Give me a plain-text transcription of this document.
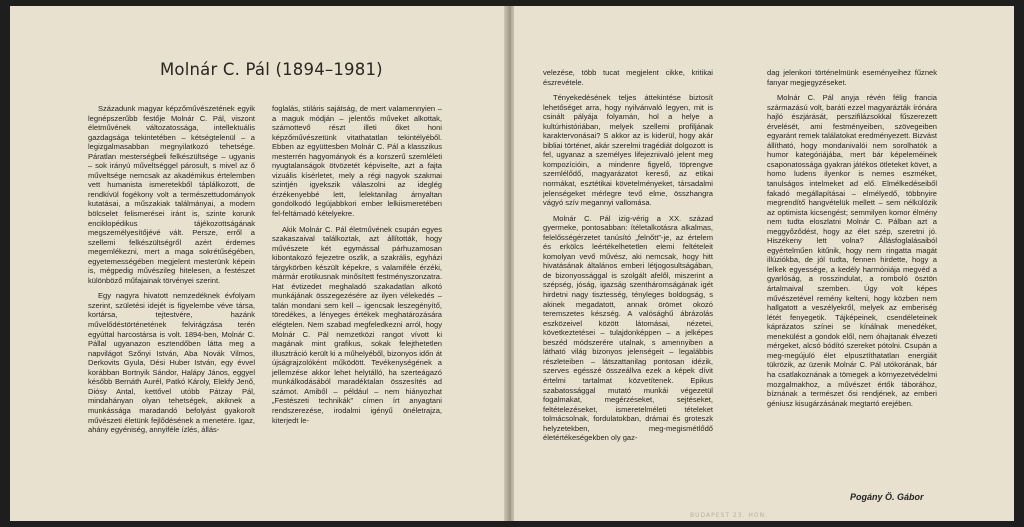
Molnár C. Pál (1894–1981)

Századunk magyar képzőművészetének egyik legnépszerűbb festője Molnár C. Pál, viszont életművének változatossága, intellektuális gazdagsága tekintetében – kétségtelenül – a legizgalmasabban megnyilatkozó tehetsége. Páratlan mesterségbeli felkészültsége – ugyanis – sok irányú műveltséggel párosult, s mivel az ő műveltsége nemcsak az akadémikus értelemben vett humanista ismeretekből táplálkozott, de rendkívül fogékony volt a természettudományok kutatásai, a műszakiak találmányai, a modern bölcselet felismerései iránt is, szinte korunk enciklopédikus tájékozottságának megszemélyesítőjévé vált. Persze, erről a szellemi felkészültségről azért érdemes megemlékezni, mert a maga sokrétűségében, egyetemességében megjelent mesterünk képein is, mégpedig művészileg hitelesen, a festészet különböző műfajainak törvényei szerint.

Egy nagyra hivatott nemzedéknek évfolyam szerint, születési idejét is figyelembe véve társa, kortársa, tejtestvére, hazánk művelődéstörténetének felvirágzása terén egyúttal harcostársa is volt. 1894-ben, Molnár C. Pállal ugyanazon esztendőben látta meg a napvilágot Szőnyi István, Aba Novák Vilmos, Derkovits Gyula, Dési Huber István, egy évvel korábban Bortnyik Sándor, Halápy János, eggyel később Bernáth Aurél, Patkó Károly, Elekfy Jenő, Diósy Antal, kettővel utóbb Pátzay Pál, mindahányan olyan tehetségek, akiknek a munkássága maradandó befolyást gyakorolt művészeti életünk fejlődésének a menetére. Igaz, ahány egyéniség, annyiféle ízlés, állás-

foglalás, stiláris sajátság, de mert valamennyien – a maguk módján – jelentős műveket alkottak, számottevő részt illeti őket honi képzőművészetünk vitathatatlan tekintélyéből. Ebben az együttesben Molnár C. Pál a klasszikus mesterrén hagyományok és a korszerű szemléleti nyugtalanságok ötvözetét képviselte, azt a fajta vizuális kísérletet, mely a régi nagyok szakmai szintjén igyekszik válaszolni az ideglég érzékenyebbé lett, lelektanilag árnyaltan gondolkodó legújabbkori ember lelkiismeretében fel-feltámadó kételyekre.

Akik Molnár C. Pál életművének csupán egyes szakaszaival találkoztak, azt állították, hogy művészete két egymással párhuzamosan kibontakozó fejezetre oszlik, a szakrális, egyházi tárgykörben készült képekre, s valamiféle érzéki, mármár erotikusnak minősített festményszonzatra. Hat évtizedet meghaladó szakadatlan alkotó munkájának összegezésére az ilyen vélekedés – talán mondani sem kell – igencsak leszegényítő, töredékes, a lényeges értékek meghatározására elégtelen. Nem szabad megfeledkezni arról, hogy Molnár C. Pál nemzetközi rangot vívott ki magának mint grafikus, sokak felejthetetlen illusztráció került ki a műhelyéből, bizonyos időn át újságrajzolóként működött. Tevékenységének a jellemzése akkor lehet helytálló, ha szerteágazó munkálkodásából maradéktalan összesítés ad számot. Amiből – például – nem hiányozhat „Festészeti technikák” címen írt anyagtani rendszerezése, irodalmi igényű önéletrajza, kiterjedt le-

velezése, több tucat megjelent cikke, kritikai észrevétele.

Tényekedésének teljes áttekintése biztosít lehetőséget arra, hogy nyilvánvaló legyen, mit is csinált pályája folyamán, hol a helye a kultúrhistóriában, melyek szellemi profiljának karaktervonásai? S akkor az is kiderül, hogy akár bibliai történet, akár szerelmi tragédiát dolgozott is fel, ugyanaz a személyes lifejeznivaló jelent meg kompozícióin, a mindenre figyelő, töprengve szemlélődő, magyarázatot kereső, az etikai normákat, esztétikai követelményeket, társadalmi jelenségeket mérlegre tevő elme, összhangra vágyó szív megannyi vallomása.

Molnár C. Pál izig-vérig a XX. század gyermeke, pontosabban: ítéletalkotásra alkalmas, felelősségérzetet tanúsító „felnőtt”-je, az értelem és erkölcs leértékelhetetlen elemi feltételeit komolyan vevő művész, aki nemcsak, hogy hitt hivatásának általános emberi létjogosultságában, de bizonyossággal is szolgált afelől, miszerint a szépség, jóság, igazság szentháromságának igét hirdetni nagy tisztesség, tényleges boldogság, s akinek megadatott, annak örömet okozó teremszetes készség. A valósághű ábrázolás eszközeivel között látomásai, nézetei, következtetései – tulajdonképpen – a jelképes beszéd módszerére utalnak, s amennyiben a látható világ bizonyos jelenségeit – legalábbis részleteiben – látszattanilag pontosan idézik, szerves egésszé összeállva ezek a képek dívit értelmi tartalmat közvetítenek. Epikus szabatossággal mutató munkái végezetül fogalmakat, megérzéseket, sejtéseket, feltételezéseket, ismeretelméleti tételeket tolmácsolnak, fordulatokban, drámai és groteszk helyzetekben, meg-megismétlődő életértékeségekben oly gaz-

dag jelenkori történelmünk eseményeihez fűznek fanyar megjegyzéseket.

Molnár C. Pál anyja révén félig francia származású volt, baráti ezzel magyarázták írónára hajló észjárását, perszifilázsokkal fűszerezett érvelését, ami festményeiben, szövegeiben egyaránt remek találatokat eredményezett. Bizvást állítható, hogy mondanivalói nem sorolhatók a humor kategóriájába, mert bár képeleméinek csaponatossága gyakran játékos ötleteket követ, a homo ludens ilyenkor is nemes eszméket, tanulságos intelmeket ad elő. Elmélkedéseiből fakadó megállapításai – elmélyedő, többnyire megrendítő hangvételük mellett – sem nélkülözik az optimista kicsengést; semmilyen komor élmény nem tudta eloszlatni Molnár C. Pálban azt a meggyőződést, hogy az élet szép, szeretni jó. Hiszékeny lett volna? Állásfoglalásaiból egyértelműen kitűnik, hogy nem ringatta magát illúziókba, de jól tudta, fennen hirdette, hogy a lelkek egyessége, a kedély harmóniája megvéd a gyarlóság, a rosszindulat, a romboló ösztön ártalmaival szemben. Úgy volt képes művészetével remény kelteni, hogy közben nem hallgatott a veszélyekről, melyek az emberiség létét fenyegetik. Tájképeinek, csendéleteinek káprázatos színei se kínálnak menedéket, menekülést a gondok elől, nem óhajtanak élvezeti mérgeket, alcsó bódító szereket pótolni. Csupán a meg-megújuló élet elpusztíthatatlan energiáit tükrözik, az üzenik Molnár C. Pál utókorának, bár ha csatlakoznának a tömegek a környezetvédelmi mozgalmakhoz, a művészet értők táborához, bíznának a természet ősi rendjének, az emberi géniusz kisugárzásának megtartó erejében.

Pogány Ö. Gábor
BUDAPEST 23. HON.
